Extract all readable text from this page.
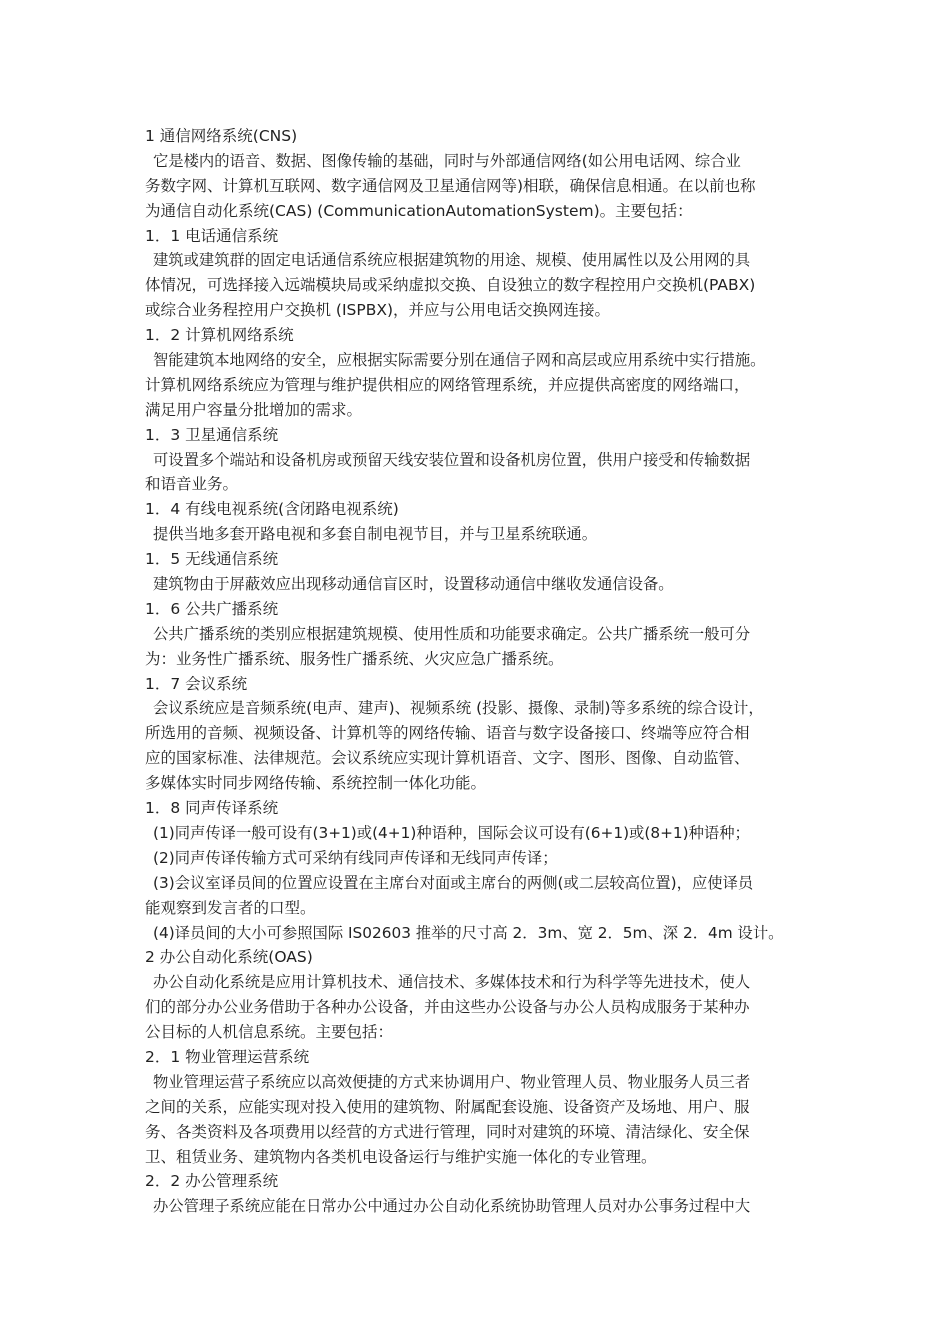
1 通信网络系统(CNS)
它是楼内的语音、数据、图像传输的基础，同时与外部通信网络(如公用电话网、综合业
务数字网、计算机互联网、数字通信网及卫星通信网等)相联，确保信息相通。在以前也称
为通信自动化系统(CAS) (CommunicationAutomationSystem)。主要包括：
1．1 电话通信系统
建筑或建筑群的固定电话通信系统应根据建筑物的用途、规模、使用属性以及公用网的具
体情况，可选择接入远端模块局或采纳虚拟交换、自设独立的数字程控用户交换机(PABX)
或综合业务程控用户交换机 (ISPBX)，并应与公用电话交换网连接。
1．2 计算机网络系统
智能建筑本地网络的安全，应根据实际需要分别在通信子网和高层或应用系统中实行措施。
计算机网络系统应为管理与维护提供相应的网络管理系统，并应提供高密度的网络端口，
满足用户容量分批增加的需求。
1．3 卫星通信系统
可设置多个端站和设备机房或预留天线安装位置和设备机房位置，供用户接受和传输数据
和语音业务。
1．4 有线电视系统(含闭路电视系统)
提供当地多套开路电视和多套自制电视节目，并与卫星系统联通。
1．5 无线通信系统
建筑物由于屏蔽效应出现移动通信盲区时，设置移动通信中继收发通信设备。
1．6 公共广播系统
公共广播系统的类别应根据建筑规模、使用性质和功能要求确定。公共广播系统一般可分
为：业务性广播系统、服务性广播系统、火灾应急广播系统。
1．7 会议系统
会议系统应是音频系统(电声、建声)、视频系统 (投影、摄像、录制)等多系统的综合设计，
所选用的音频、视频设备、计算机等的网络传输、语音与数字设备接口、终端等应符合相
应的国家标准、法律规范。会议系统应实现计算机语音、文字、图形、图像、自动监管、
多媒体实时同步网络传输、系统控制一体化功能。
1．8 同声传译系统
(1)同声传译一般可设有(3+1)或(4+1)种语种，国际会议可设有(6+1)或(8+1)种语种；
(2)同声传译传输方式可采纳有线同声传译和无线同声传译；
(3)会议室译员间的位置应设置在主席台对面或主席台的两侧(或二层较高位置)，应使译员
能观察到发言者的口型。
(4)译员间的大小可参照国际 IS02603 推举的尺寸高 2．3m、宽 2．5m、深 2．4m 设计。
2 办公自动化系统(OAS)
办公自动化系统是应用计算机技术、通信技术、多媒体技术和行为科学等先进技术，使人
们的部分办公业务借助于各种办公设备，并由这些办公设备与办公人员构成服务于某种办
公目标的人机信息系统。主要包括：
2．1 物业管理运营系统
物业管理运营子系统应以高效便捷的方式来协调用户、物业管理人员、物业服务人员三者
之间的关系，应能实现对投入使用的建筑物、附属配套设施、设备资产及场地、用户、服
务、各类资料及各项费用以经营的方式进行管理，同时对建筑的环境、清洁绿化、安全保
卫、租赁业务、建筑物内各类机电设备运行与维护实施一体化的专业管理。
2．2 办公管理系统
办公管理子系统应能在日常办公中通过办公自动化系统协助管理人员对办公事务过程中大
